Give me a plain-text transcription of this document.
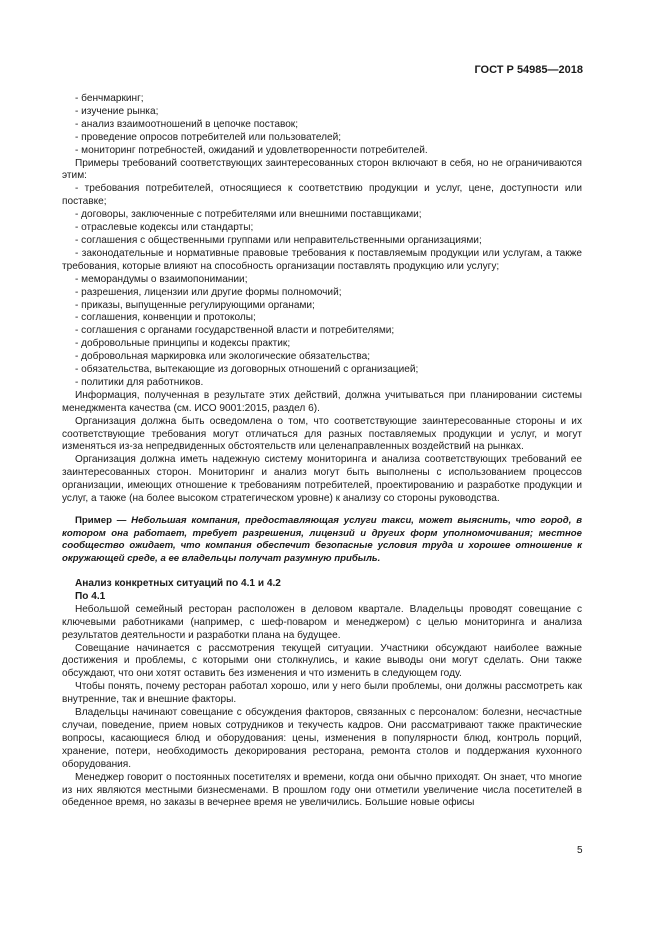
ГОСТ Р 54985—2018

- бенчмаркинг;

- изучение рынка;

- анализ взаимоотношений в цепочке поставок;

- проведение опросов потребителей или пользователей;

- мониторинг потребностей, ожиданий и удовлетворенности потребителей.

Примеры требований соответствующих заинтересованных сторон включают в себя, но не ограничиваются этим:

- требования потребителей, относящиеся к соответствию продукции и услуг, цене, доступности или поставке;

- договоры, заключенные с потребителями или внешними поставщиками;

- отраслевые кодексы или стандарты;

- соглашения с общественными группами или неправительственными организациями;

- законодательные и нормативные правовые требования к поставляемым продукции или услугам, а также требования, которые влияют на способность организации поставлять продукцию или услугу;

- меморандумы о взаимопонимании;

- разрешения, лицензии или другие формы полномочий;

- приказы, выпущенные регулирующими органами;

- соглашения, конвенции и протоколы;

- соглашения с органами государственной власти и потребителями;

- добровольные принципы и кодексы практик;

- добровольная маркировка или экологические обязательства;

- обязательства, вытекающие из договорных отношений с организацией;

- политики для работников.

Информация, полученная в результате этих действий, должна учитываться при планировании системы менеджмента качества (см. ИСО 9001:2015, раздел 6).

Организация должна быть осведомлена о том, что соответствующие заинтересованные стороны и их соответствующие требования могут отличаться для разных поставляемых продукции и услуг, и могут изменяться из-за непредвиденных обстоятельств или целенаправленных воздействий на рынках.

Организация должна иметь надежную систему мониторинга и анализа соответствующих требований ее заинтересованных сторон. Мониторинг и анализ могут быть выполнены с использованием процессов организации, имеющих отношение к требованиям потребителей, проектированию и разработке продукции и услуг, а также (на более высоком стратегическом уровне) к анализу со стороны руководства.

Пример — Небольшая компания, предоставляющая услуги такси, может выяснить, что город, в котором она работает, требует разрешения, лицензий и других форм уполномочивания; местное сообщество ожидает, что компания обеспечит безопасные условия труда и хорошее отношение к окружающей среде, а ее владельцы получат разумную прибыль.

Анализ конкретных ситуаций по 4.1 и 4.2

По 4.1

Небольшой семейный ресторан расположен в деловом квартале. Владельцы проводят совещание с ключевыми работниками (например, с шеф-поваром и менеджером) с целью мониторинга и анализа результатов деятельности и разработки плана на будущее.

Совещание начинается с рассмотрения текущей ситуации. Участники обсуждают наиболее важные достижения и проблемы, с которыми они столкнулись, и какие выводы они могут сделать. Они также обсуждают, что они хотят оставить без изменения и что изменить в следующем году.

Чтобы понять, почему ресторан работал хорошо, или у него были проблемы, они должны рассмотреть как внутренние, так и внешние факторы.

Владельцы начинают совещание с обсуждения факторов, связанных с персоналом: болезни, несчастные случаи, поведение, прием новых сотрудников и текучесть кадров. Они рассматривают также практические вопросы, касающиеся блюд и оборудования: цены, изменения в популярности блюд, контроль порций, хранение, потери, необходимость декорирования ресторана, ремонта столов и поддержания кухонного оборудования.

Менеджер говорит о постоянных посетителях и времени, когда они обычно приходят. Он знает, что многие из них являются местными бизнесменами. В прошлом году они отметили увеличение числа посетителей в обеденное время, но заказы в вечернее время не увеличились. Большие новые офисы

5
